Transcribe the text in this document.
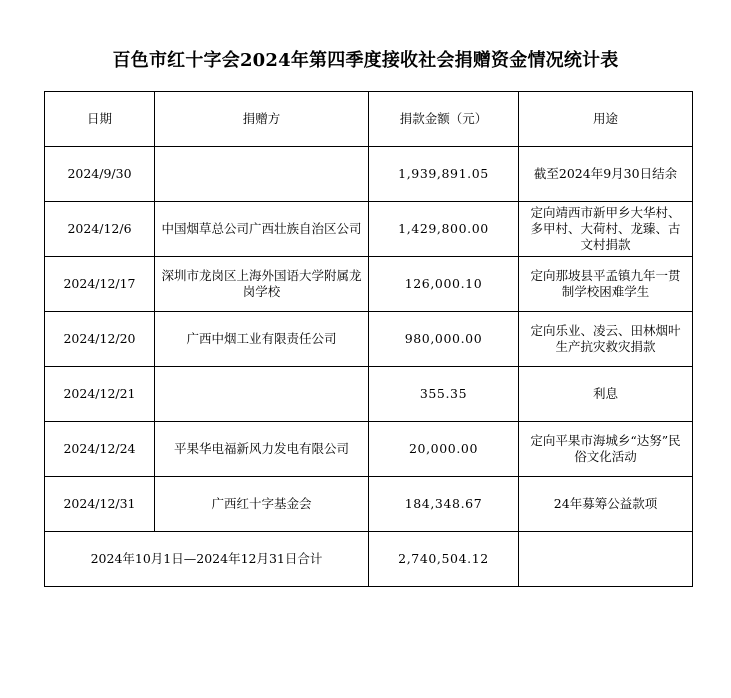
百色市红十字会2024年第四季度接收社会捐赠资金情况统计表
日期	捐赠方	捐款金额（元）	用途
2024/9/30		1,939,891.05	截至2024年9月30日结余
2024/12/6	中国烟草总公司广西壮族自治区公司	1,429,800.00	定向靖西市新甲乡大华村、多甲村、大荷村、龙臻、古文村捐款
2024/12/17	深圳市龙岗区上海外国语大学附属龙岗学校	126,000.10	定向那坡县平孟镇九年一贯制学校困难学生
2024/12/20	广西中烟工业有限责任公司	980,000.00	定向乐业、凌云、田林烟叶生产抗灾救灾捐款
2024/12/21		355.35	利息
2024/12/24	平果华电福新风力发电有限公司	20,000.00	定向平果市海城乡“达努”民俗文化活动
2024/12/31	广西红十字基金会	184,348.67	24年募筹公益款项
2024年10月1日—2024年12月31日合计		2,740,504.12	
